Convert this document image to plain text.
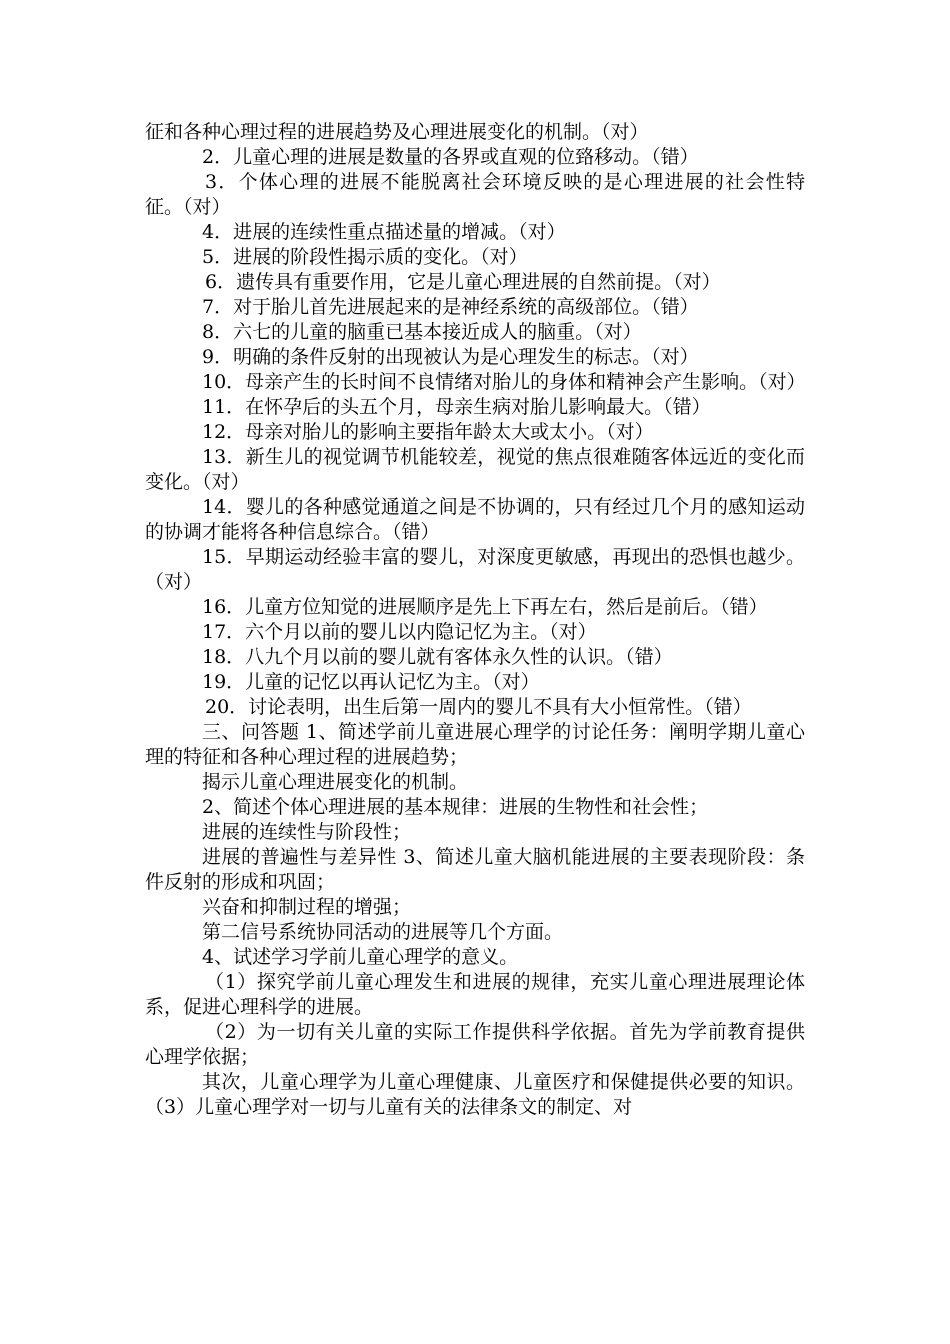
征和各种心理过程的进展趋势及心理进展变化的机制。（对）

2．儿童心理的进展是数量的各界或直观的位臵移动。（错）

3．个体心理的进展不能脱离社会环境反映的是心理进展的社会性特征。（对）

4．进展的连续性重点描述量的增减。（对）

5．进展的阶段性揭示质的变化。（对）

6．遗传具有重要作用，它是儿童心理进展的自然前提。（对）

7．对于胎儿首先进展起来的是神经系统的高级部位。（错）

8．六七的儿童的脑重已基本接近成人的脑重。（对）

9．明确的条件反射的出现被认为是心理发生的标志。（对）

10．母亲产生的长时间不良情绪对胎儿的身体和精神会产生影响。（对）

11．在怀孕后的头五个月，母亲生病对胎儿影响最大。（错）

12．母亲对胎儿的影响主要指年龄太大或太小。（对）

13．新生儿的视觉调节机能较差，视觉的焦点很难随客体远近的变化而变化。（对）

14．婴儿的各种感觉通道之间是不协调的，只有经过几个月的感知运动的协调才能将各种信息综合。（错）

15．早期运动经验丰富的婴儿，对深度更敏感，再现出的恐惧也越少。（对）

16．儿童方位知觉的进展顺序是先上下再左右，然后是前后。（错）

17．六个月以前的婴儿以内隐记忆为主。（对）

18．八九个月以前的婴儿就有客体永久性的认识。（错）

19．儿童的记忆以再认记忆为主。（对）

20．讨论表明，出生后第一周内的婴儿不具有大小恒常性。（错）

三、问答题 1、简述学前儿童进展心理学的讨论任务：阐明学期儿童心理的特征和各种心理过程的进展趋势；

揭示儿童心理进展变化的机制。

2、简述个体心理进展的基本规律：进展的生物性和社会性；

进展的连续性与阶段性；

进展的普遍性与差异性 3、简述儿童大脑机能进展的主要表现阶段：条件反射的形成和巩固；

兴奋和抑制过程的增强；

第二信号系统协同活动的进展等几个方面。

4、试述学习学前儿童心理学的意义。

（1）探究学前儿童心理发生和进展的规律，充实儿童心理进展理论体系，促进心理科学的进展。

（2）为一切有关儿童的实际工作提供科学依据。首先为学前教育提供心理学依据；

其次，儿童心理学为儿童心理健康、儿童医疗和保健提供必要的知识。（3）儿童心理学对一切与儿童有关的法律条文的制定、对
